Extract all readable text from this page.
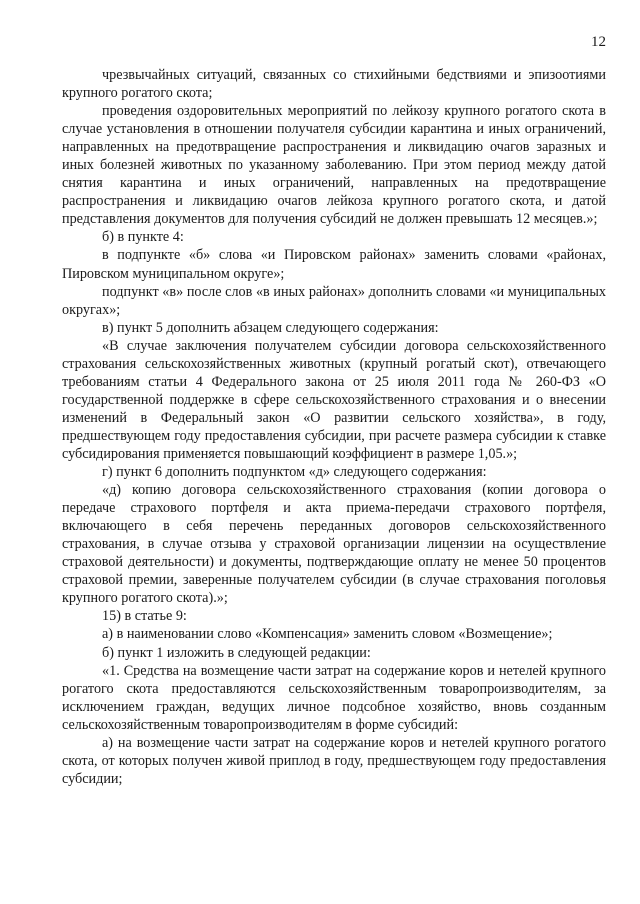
12

чрезвычайных ситуаций, связанных со стихийными бедствиями и эпизоотиями крупного рогатого скота;

проведения оздоровительных мероприятий по лейкозу крупного рогатого скота в случае установления в отношении получателя субсидии карантина и иных ограничений, направленных на предотвращение распространения и ликвидацию очагов заразных и иных болезней животных по указанному заболеванию. При этом период между датой снятия карантина и иных ограничений, направленных на предотвращение распространения и ликвидацию очагов лейкоза крупного рогатого скота, и датой представления документов для получения субсидий не должен превышать 12 месяцев.»;

б) в пункте 4:

в подпункте «б» слова «и Пировском районах» заменить словами «районах, Пировском муниципальном округе»;

подпункт «в» после слов «в иных районах» дополнить словами «и муниципальных округах»;

в) пункт 5 дополнить абзацем следующего содержания:

«В случае заключения получателем субсидии договора сельскохозяйственного страхования сельскохозяйственных животных (крупный рогатый скот), отвечающего требованиям статьи 4 Федерального закона от 25 июля 2011 года № 260-ФЗ «О государственной поддержке в сфере сельскохозяйственного страхования и о внесении изменений в Федеральный закон «О развитии сельского хозяйства», в году, предшествующем году предоставления субсидии, при расчете размера субсидии к ставке субсидирования применяется повышающий коэффициент в размере 1,05.»;

г) пункт 6 дополнить подпунктом «д» следующего содержания:

«д) копию договора сельскохозяйственного страхования (копии договора о передаче страхового портфеля и акта приема-передачи страхового портфеля, включающего в себя перечень переданных договоров сельскохозяйственного страхования, в случае отзыва у страховой организации лицензии на осуществление страховой деятельности) и документы, подтверждающие оплату не менее 50 процентов страховой премии, заверенные получателем субсидии (в случае страхования поголовья крупного рогатого скота).»;

15) в статье 9:

а) в наименовании слово «Компенсация» заменить словом «Возмещение»;

б) пункт 1 изложить в следующей редакции:

«1. Средства на возмещение части затрат на содержание коров и нетелей крупного рогатого скота предоставляются сельскохозяйственным товаропроизводителям, за исключением граждан, ведущих личное подсобное хозяйство, вновь созданным сельскохозяйственным товаропроизводителям в форме субсидий:

а) на возмещение части затрат на содержание коров и нетелей крупного рогатого скота, от которых получен живой приплод в году, предшествующем году предоставления субсидии;
